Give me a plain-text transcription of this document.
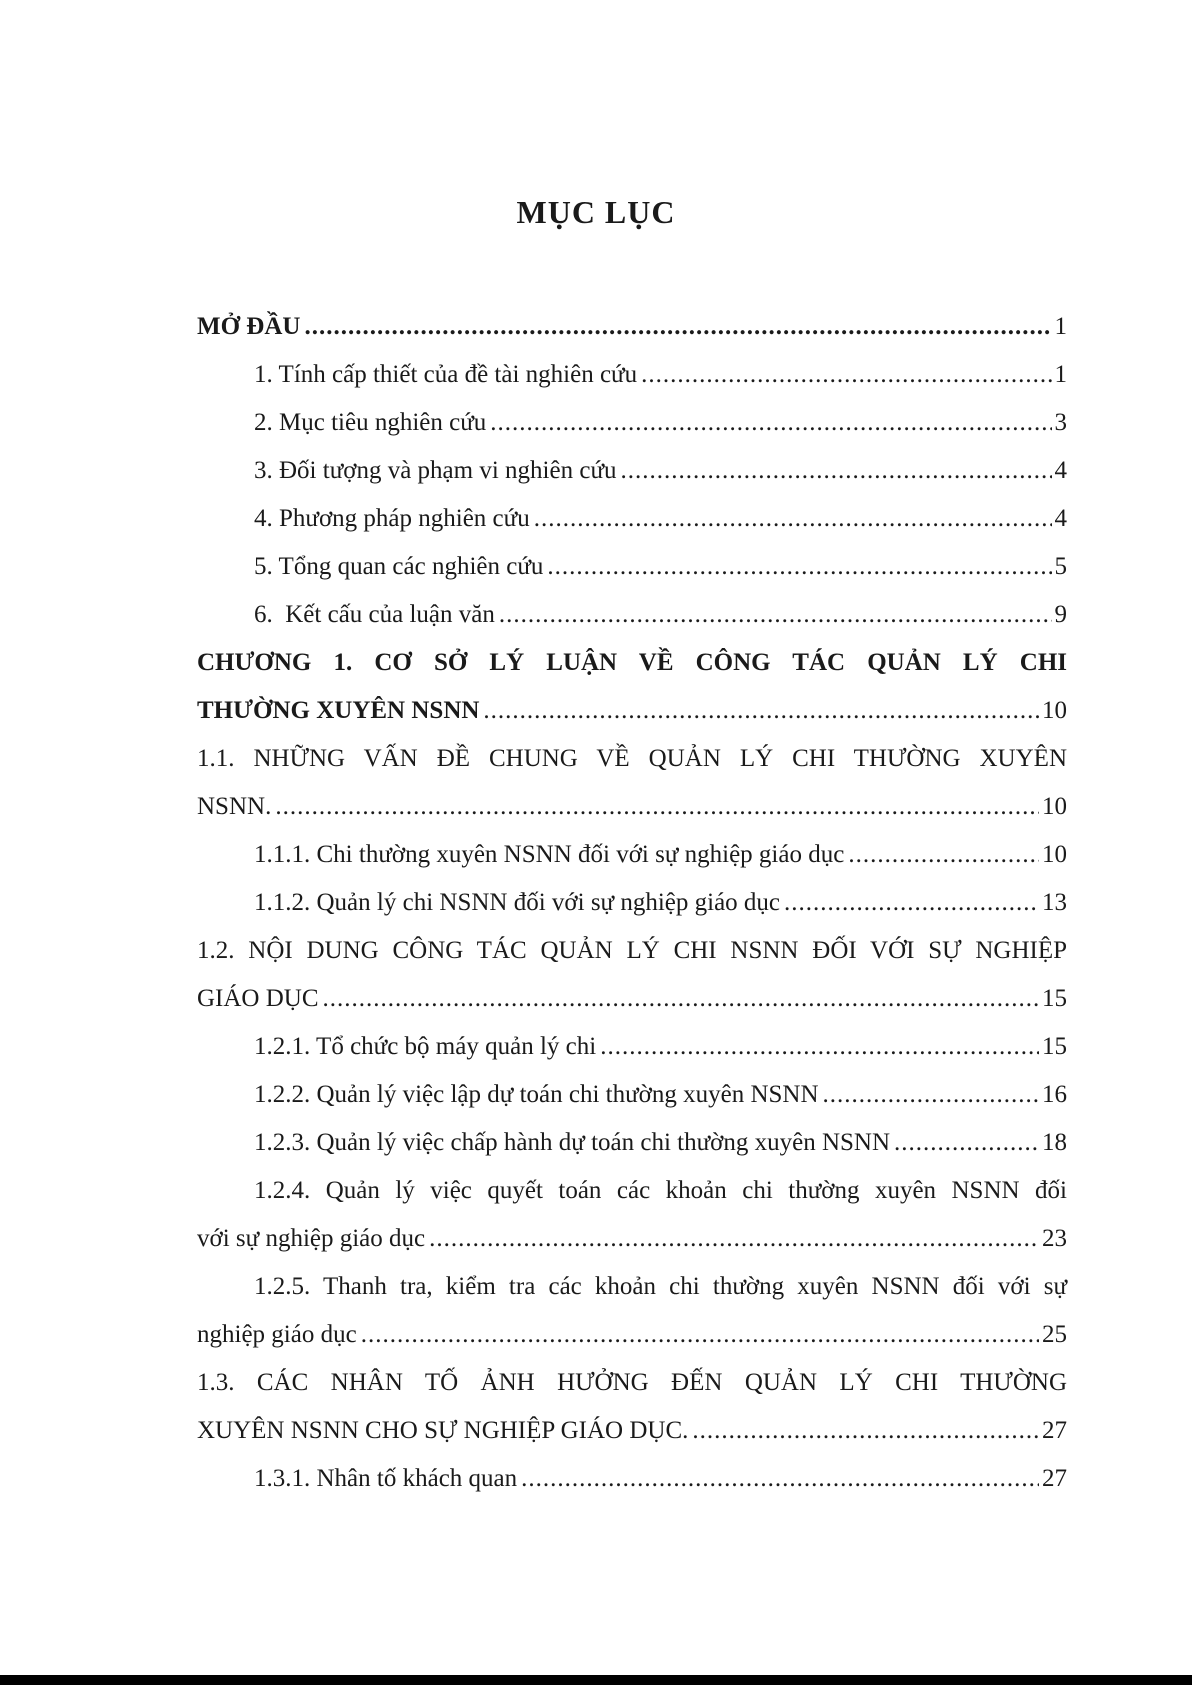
MỤC LỤC
MỞ ĐẦU .....	1
1. Tính cấp thiết của đề tài nghiên cứu .....	1
2. Mục tiêu nghiên cứu .....	3
3. Đối tượng và phạm vi nghiên cứu .....	4
4. Phương pháp nghiên cứu .....	4
5. Tổng quan các nghiên cứu .....	5
6.  Kết cấu của luận văn .....	9
CHƯƠNG 1. CƠ SỞ LÝ LUẬN VỀ CÔNG TÁC QUẢN LÝ CHI
THƯỜNG XUYÊN NSNN .....	10
1.1. NHỮNG VẤN ĐỀ CHUNG VỀ QUẢN LÝ CHI THƯỜNG XUYÊN
NSNN. .....	10
1.1.1. Chi thường xuyên NSNN đối với sự nghiệp giáo dục .....	10
1.1.2. Quản lý chi NSNN đối với sự nghiệp giáo dục .....	13
1.2. NỘI DUNG CÔNG TÁC QUẢN LÝ CHI NSNN ĐỐI VỚI SỰ NGHIỆP
GIÁO DỤC .....	15
1.2.1. Tổ chức bộ máy quản lý chi .....	15
1.2.2. Quản lý việc lập dự toán chi thường xuyên NSNN .....	16
1.2.3. Quản lý việc chấp hành dự toán chi thường xuyên NSNN .....	18
1.2.4. Quản lý việc quyết toán các khoản chi thường xuyên NSNN đối
với sự nghiệp giáo dục .....	23
1.2.5. Thanh tra, kiểm tra các khoản chi thường xuyên NSNN đối với sự
nghiệp giáo dục .....	25
1.3. CÁC NHÂN TỐ ẢNH HƯỞNG ĐẾN QUẢN LÝ CHI THƯỜNG
XUYÊN NSNN CHO SỰ NGHIỆP GIÁO DỤC. .....	27
1.3.1. Nhân tố khách quan .....	27
